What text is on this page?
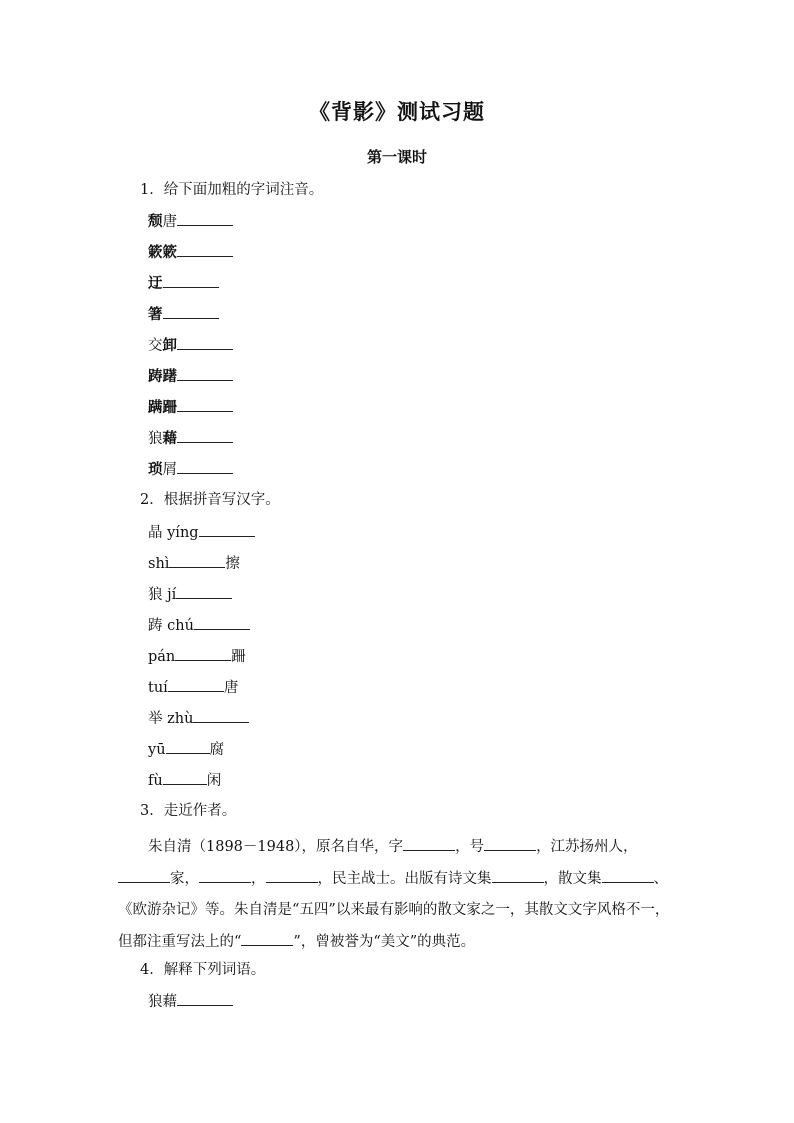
《背影》测试习题
第一课时
1．给下面加粗的字词注音。
颓唐
簌簌
迂
箸
交卸
踌躇
蹒跚
狼藉
琐屑
2．根据拼音写汉字。
晶 yíng
shì	擦
狼 jí
踌 chú
pán	跚
tuí	唐
举 zhù
yū	腐
fù	闲
3．走近作者。
朱自清（1898－1948），原名自华，字	，号	，江苏扬州人，家，	，	，民主战士。出版有诗文集	，散文集	、《欧游杂记》等。朱自清是“五四”以来最有影响的散文家之一，其散文文字风格不一，但都注重写法上的“	”，曾被誉为“美文”的典范。
4．解释下列词语。
狼藉
